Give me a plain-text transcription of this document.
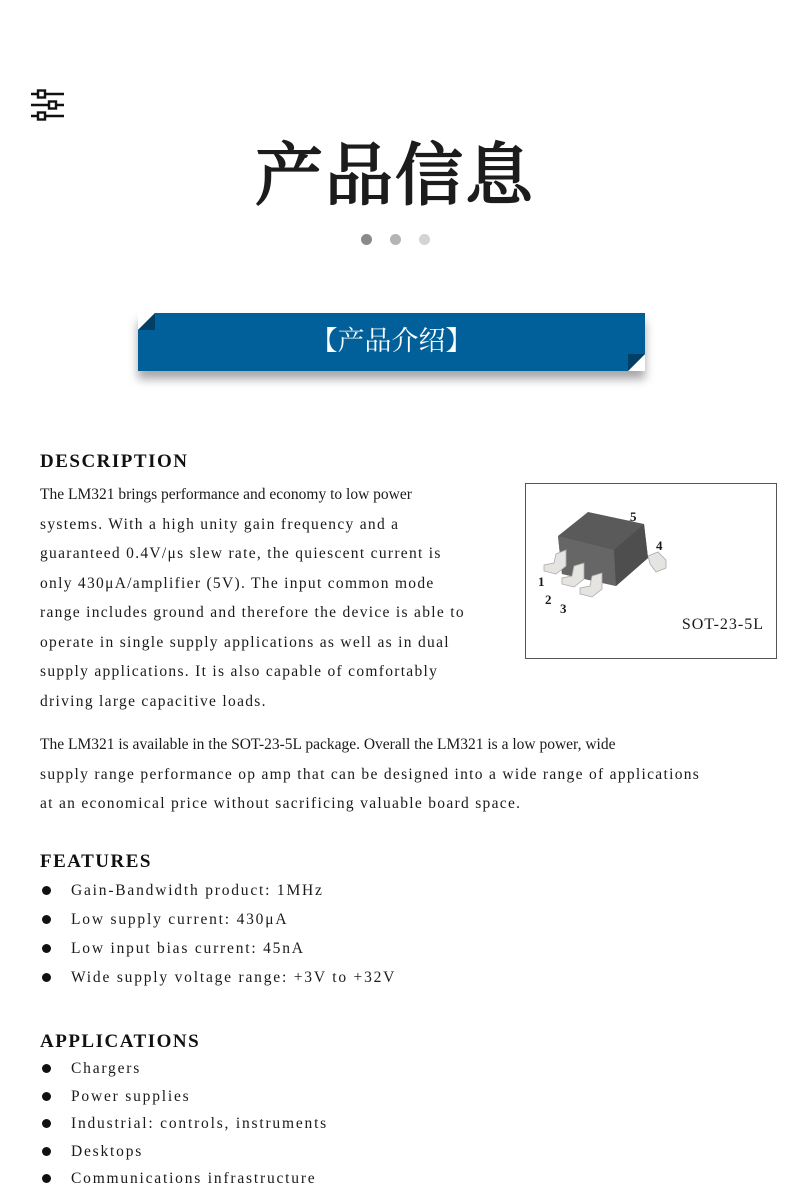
产品信息

【产品介绍】
DESCRIPTION
The LM321 brings performance and economy to low power
systems. With a high unity gain frequency and a
guaranteed 0.4V/μs slew rate, the quiescent current is
only 430μA/amplifier (5V). The input common mode
range includes ground and therefore the device is able to
operate in single supply applications as well as in dual
supply applications. It is also capable of comfortably
driving large capacitive loads.
1
2
3
4
5
SOT-23-5L
The LM321 is available in the SOT-23-5L package. Overall the LM321 is a low power, wide
supply range performance op amp that can be designed into a wide range of applications
at an economical price without sacrificing valuable board space.
FEATURES
Gain-Bandwidth product: 1MHz
Low supply current: 430μA
Low input bias current: 45nA
Wide supply voltage range: +3V to +32V
APPLICATIONS
Chargers
Power supplies
Industrial: controls, instruments
Desktops
Communications infrastructure
